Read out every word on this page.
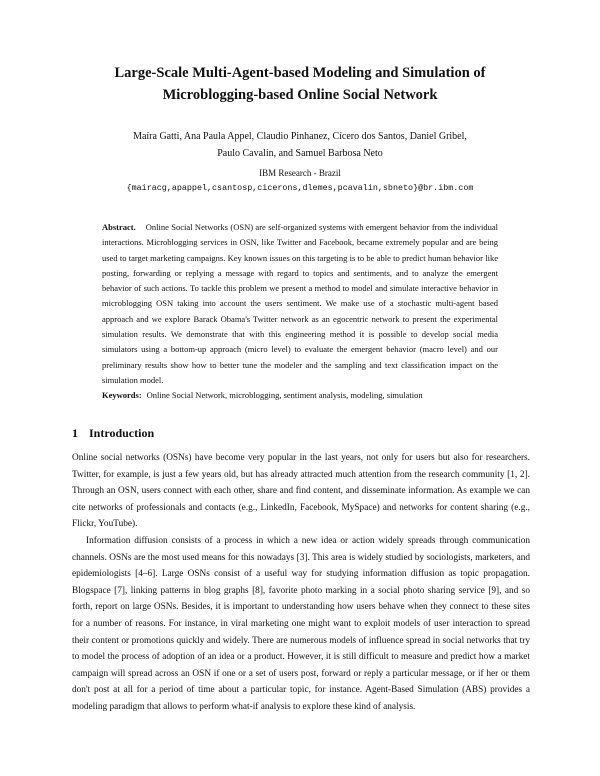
Large-Scale Multi-Agent-based Modeling and Simulation of
Microblogging-based Online Social Network
Maíra Gatti, Ana Paula Appel, Claudio Pinhanez, Cícero dos Santos, Daniel Gribel,
Paulo Cavalin, and Samuel Barbosa Neto
IBM Research - Brazil
{mairacg,apappel,csantosp,cicerons,dlemes,pcavalin,sbneto}@br.ibm.com

Abstract. Online Social Networks (OSN) are self-organized systems with emergent behavior from the individual interactions. Microblogging services in OSN, like Twitter and Facebook, became extremely popular and are being used to target marketing campaigns. Key known issues on this targeting is to be able to predict human behavior like posting, forwarding or replying a message with regard to topics and sentiments, and to analyze the emergent behavior of such actions. To tackle this problem we present a method to model and simulate interactive behavior in microblogging OSN taking into account the users sentiment. We make use of a stochastic multi-agent based approach and we explore Barack Obama's Twitter network as an egocentric network to present the experimental simulation results. We demonstrate that with this engineering method it is possible to develop social media simulators using a bottom-up approach (micro level) to evaluate the emergent behavior (macro level) and our preliminary results show how to better tune the modeler and the sampling and text classification impact on the simulation model.

Keywords: Online Social Network, microblogging, sentiment analysis, modeling, simulation
1 Introduction

Online social networks (OSNs) have become very popular in the last years, not only for users but also for researchers. Twitter, for example, is just a few years old, but has already attracted much attention from the research community [1, 2]. Through an OSN, users connect with each other, share and find content, and disseminate information. As example we can cite networks of professionals and contacts (e.g., LinkedIn, Facebook, MySpace) and networks for content sharing (e.g., Flickr, YouTube).

Information diffusion consists of a process in which a new idea or action widely spreads through communication channels. OSNs are the most used means for this nowadays [3]. This area is widely studied by sociologists, marketers, and epidemiologists [4–6]. Large OSNs consist of a useful way for studying information diffusion as topic propagation. Blogspace [7], linking patterns in blog graphs [8], favorite photo marking in a social photo sharing service [9], and so forth, report on large OSNs. Besides, it is important to understanding how users behave when they connect to these sites for a number of reasons. For instance, in viral marketing one might want to exploit models of user interaction to spread their content or promotions quickly and widely. There are numerous models of influence spread in social networks that try to model the process of adoption of an idea or a product. However, it is still difficult to measure and predict how a market campaign will spread across an OSN if one or a set of users post, forward or reply a particular message, or if her or them don't post at all for a period of time about a particular topic, for instance. Agent-Based Simulation (ABS) provides a modeling paradigm that allows to perform what-if analysis to explore these kind of analysis.
